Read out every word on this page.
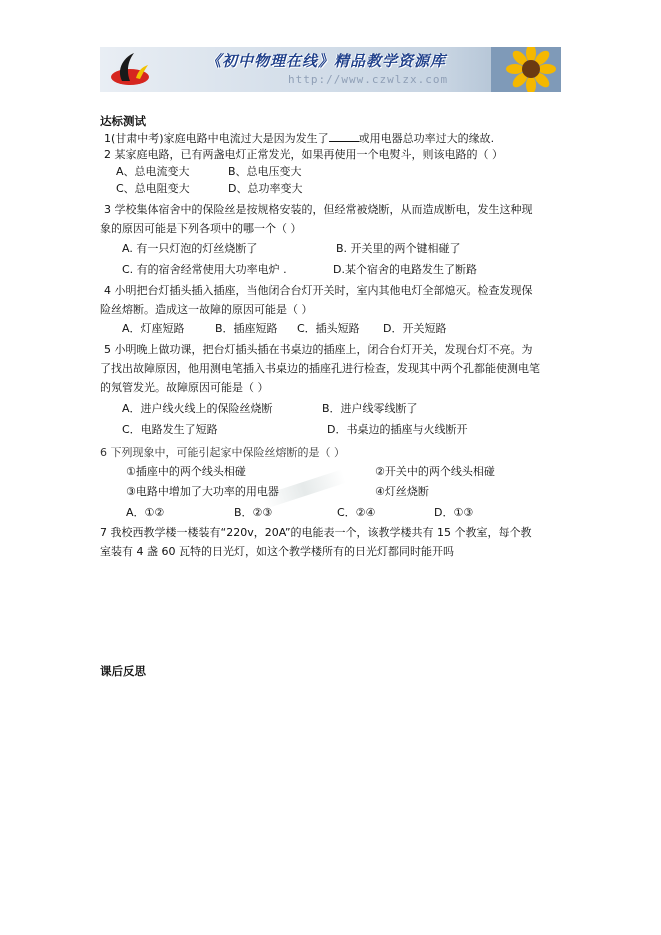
《初中物理在线》精品教学资源库
http://www.czwlzx.com
达标测试
1(甘肃中考)家庭电路中电流过大是因为发生了	或用电器总功率过大的缘故.
2 某家庭电路，已有两盏电灯正常发光，如果再使用一个电熨斗，则该电路的（ ）
A、总电流变大	B、总电压变大
C、总电阻变大	D、总功率变大
3 学校集体宿舍中的保险丝是按规格安装的，但经常被烧断，从而造成断电，发生这种现
象的原因可能是下列各项中的哪一个（ ）
A. 有一只灯泡的灯丝烧断了	B. 开关里的两个键相碰了
C. 有的宿舍经常使用大功率电炉 .	D.某个宿舍的电路发生了断路
4 小明把台灯插头插入插座，当他闭合台灯开关时，室内其他电灯全部熄灭。检查发现保
险丝熔断。造成这一故障的原因可能是（ ）
A．灯座短路	B．插座短路 C．插头短路 D．开关短路
5 小明晚上做功课，把台灯插头插在书桌边的插座上，闭合台灯开关，发现台灯不亮。为
了找出故障原因，他用测电笔插入书桌边的插座孔进行检查，发现其中两个孔都能使测电笔
的氖管发光。故障原因可能是（ ）
A．进户线火线上的保险丝烧断	B．进户线零线断了
C．电路发生了短路	D．书桌边的插座与火线断开
6 下列现象中，可能引起家中保险丝熔断的是（ ）
①插座中的两个线头相碰	②开关中的两个线头相碰
③电路中增加了大功率的用电器	④灯丝烧断
A．①②	B．②③	C．②④	D．①③
7 我校西教学楼一楼装有“220v，20A”的电能表一个，该教学楼共有 15 个教室，每个教
室装有 4 盏 60 瓦特的日光灯，如这个教学楼所有的日光灯都同时能开吗
课后反思
